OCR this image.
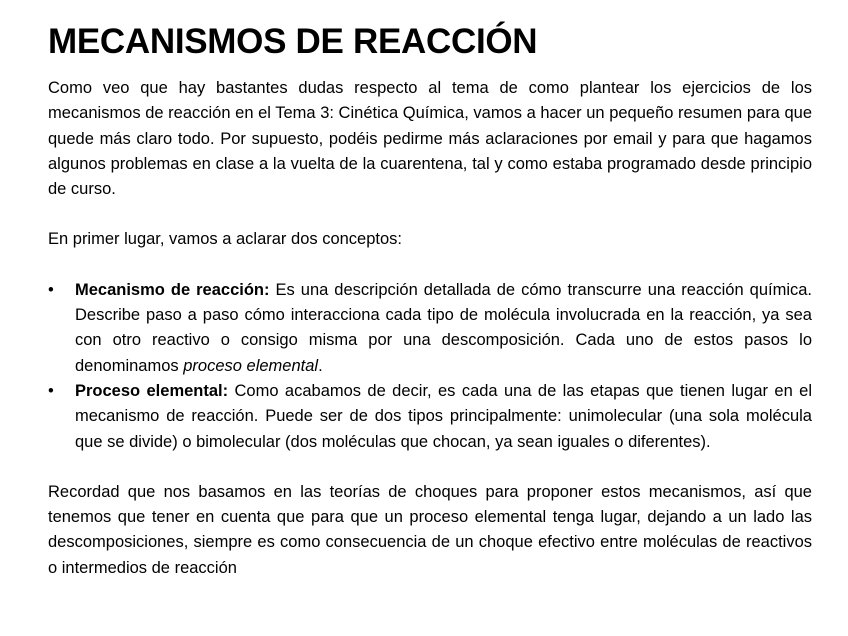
MECANISMOS DE REACCIÓN

Como veo que hay bastantes dudas respecto al tema de como plantear los ejercicios de los mecanismos de reacción en el Tema 3: Cinética Química, vamos a hacer un pequeño resumen para que quede más claro todo. Por supuesto, podéis pedirme más aclaraciones por email y para que hagamos algunos problemas en clase a la vuelta de la cuarentena, tal y como estaba programado desde principio de curso.

En primer lugar, vamos a aclarar dos conceptos:

• Mecanismo de reacción: Es una descripción detallada de cómo transcurre una reacción química. Describe paso a paso cómo interacciona cada tipo de molécula involucrada en la reacción, ya sea con otro reactivo o consigo misma por una descomposición. Cada uno de estos pasos lo denominamos proceso elemental.
• Proceso elemental: Como acabamos de decir, es cada una de las etapas que tienen lugar en el mecanismo de reacción. Puede ser de dos tipos principalmente: unimolecular (una sola molécula que se divide) o bimolecular (dos moléculas que chocan, ya sean iguales o diferentes).

Recordad que nos basamos en las teorías de choques para proponer estos mecanismos, así que tenemos que tener en cuenta que para que un proceso elemental tenga lugar, dejando a un lado las descomposiciones, siempre es como consecuencia de un choque efectivo entre moléculas de reactivos o intermedios de reacción
